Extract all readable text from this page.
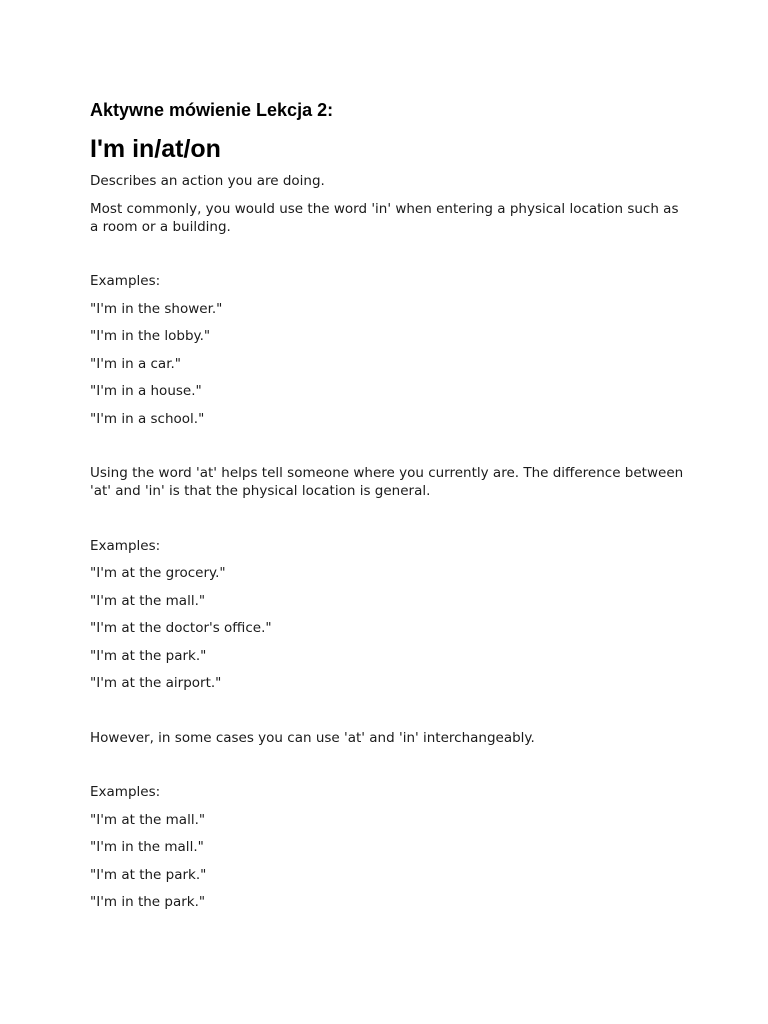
Aktywne mówienie Lekcja 2:
I'm in/at/on

Describes an action you are doing.

Most commonly, you would use the word 'in' when entering a physical location such as a room or a building.

Examples:

"I'm in the shower."

"I'm in the lobby."

"I'm in a car."

"I'm in a house."

"I'm in a school."

Using the word 'at' helps tell someone where you currently are. The difference between 'at' and 'in' is that the physical location is general.

Examples:

"I'm at the grocery."

"I'm at the mall."

"I'm at the doctor's office."

"I'm at the park."

"I'm at the airport."

However, in some cases you can use 'at' and 'in' interchangeably.

Examples:

"I'm at the mall."

"I'm in the mall."

"I'm at the park."

"I'm in the park."
